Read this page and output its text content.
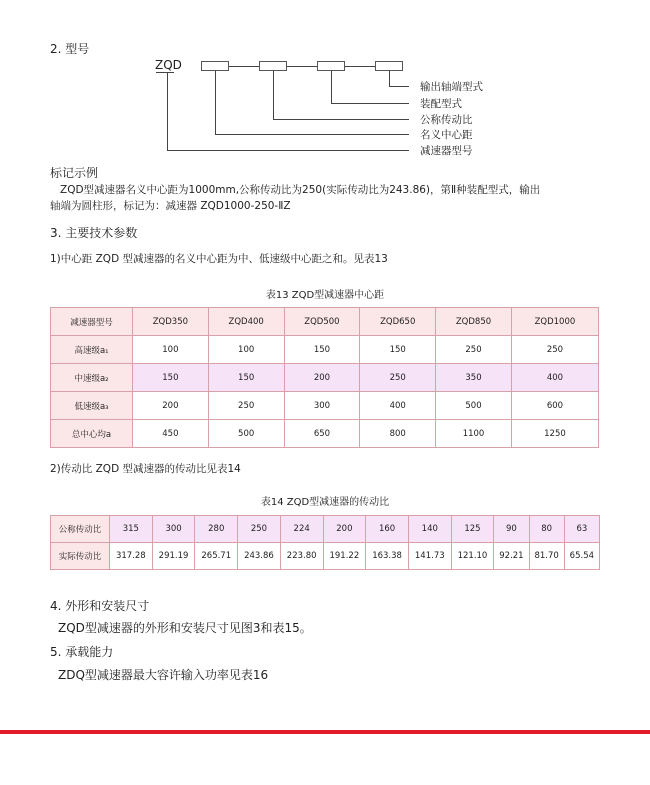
2. 型号
ZQD
输出轴端型式
装配型式
公称传动比
名义中心距
减速器型号
标记示例
ZQD型减速器名义中心距为1000mm,公称传动比为250(实际传动比为243.86)，第Ⅱ种装配型式，输出
轴端为圆柱形，标记为：减速器 ZQD1000-250-ⅡZ
3. 主要技术参数
1)中心距 ZQD 型减速器的名义中心距为中、低速级中心距之和。见表13
表13 ZQD型减速器中心距
减速器型号	ZQD350	ZQD400	ZQD500	ZQD650	ZQD850	ZQD1000
高速级a₁	100	100	150	150	250	250
中速级a₂	150	150	200	250	350	400
低速级a₃	200	250	300	400	500	600
总中心均a	450	500	650	800	1100	1250
2)传动比 ZQD 型减速器的传动比见表14
表14 ZQD型减速器的传动比
公称传动比	315	300	280	250	224	200	160	140	125	90	80	63
实际传动比	317.28	291.19	265.71	243.86	223.80	191.22	163.38	141.73	121.10	92.21	81.70	65.54
4. 外形和安装尺寸
ZQD型减速器的外形和安装尺寸见图3和表15。
5. 承载能力
ZDQ型减速器最大容许输入功率见表16
